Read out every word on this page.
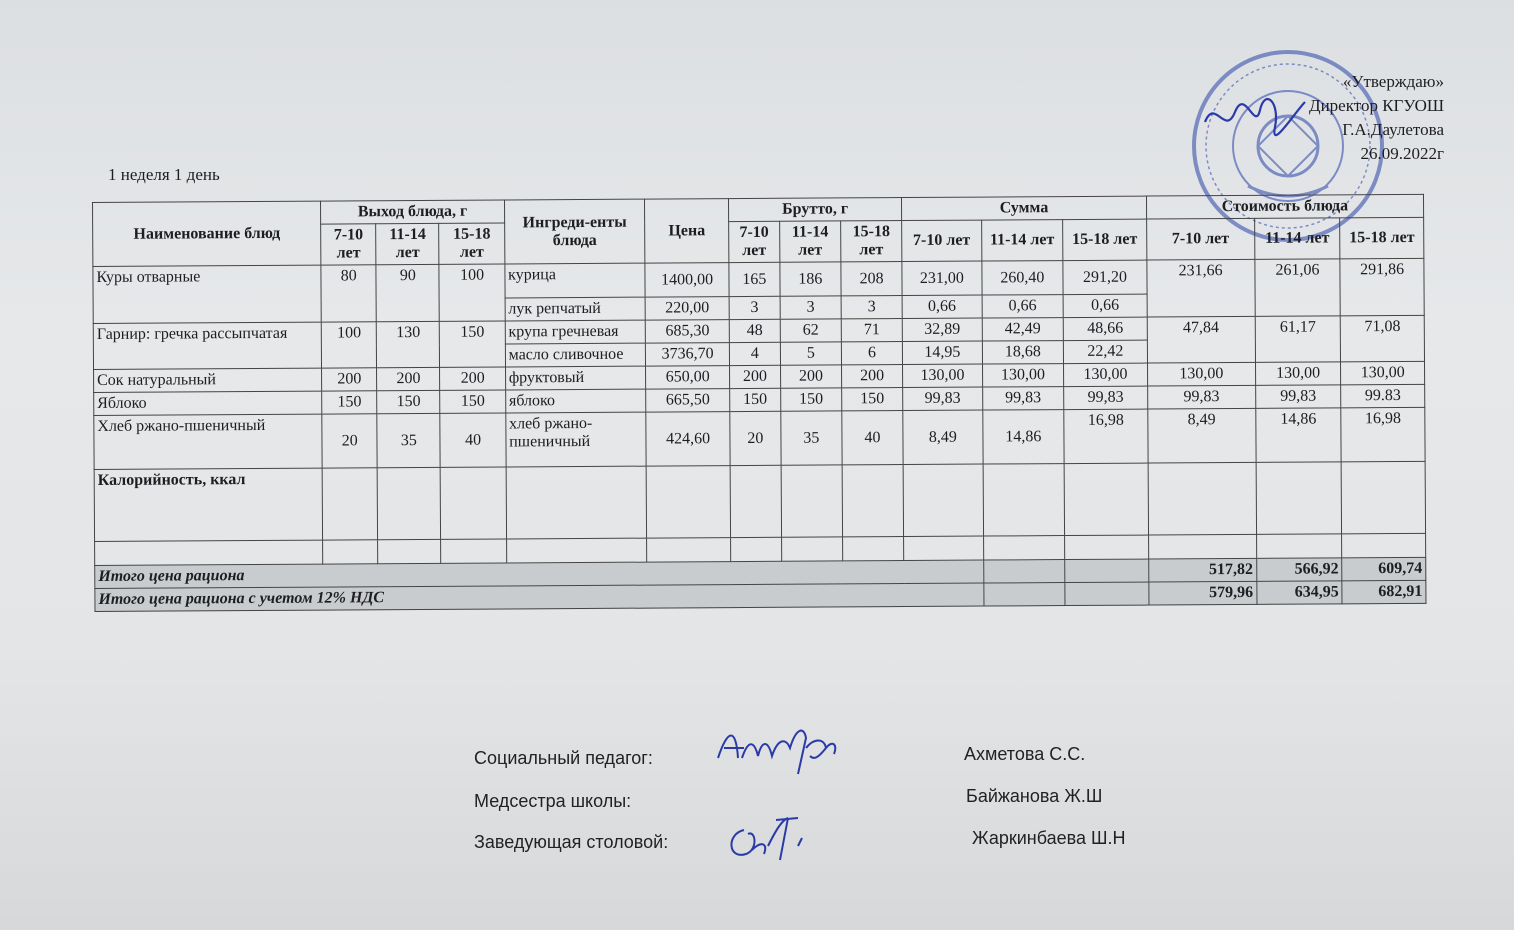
«Утверждаю»
Директор КГУОШ
Г.А.Даулетова
26.09.2022г
1 неделя 1 день
Наименование блюд	Выход блюда, г			Ингреди-енты блюда	Цена	Брутто, г			Сумма			Стоимость блюда		
	7-10 лет	11-14 лет	15-18 лет			7-10 лет	11-14 лет	15-18 лет	7-10 лет	11-14 лет	15-18 лет	7-10 лет	11-14 лет	15-18 лет
Куры отварные	80	90	100	курица	1400,00	165	186	208	231,00	260,40	291,20	231,66	261,06	291,86
				лук репчатый	220,00	3	3	3	0,66	0,66	0,66			
Гарнир: гречка рассыпчатая	100	130	150	крупа гречневая	685,30	48	62	71	32,89	42,49	48,66	47,84	61,17	71,08
				масло сливочное	3736,70	4	5	6	14,95	18,68	22,42			
Сок натуральный	200	200	200	фруктовый	650,00	200	200	200	130,00	130,00	130,00	130,00	130,00	130,00
Яблоко	150	150	150	яблоко	665,50	150	150	150	99,83	99,83	99,83	99,83	99,83	99.83
Хлеб ржано-пшеничный	20	35	40	хлеб ржано-пшеничный	424,60	20	35	40	8,49	14,86	16,98	8,49	14,86	16,98
Калорийность, ккал														

Итого цена рациона												517,82	566,92	609,74
Итого цена рациона с учетом 12% НДС												579,96	634,95	682,91
Социальный педагог:	Ахметова С.С.
Медсестра школы:	Байжанова Ж.Ш
Заведующая столовой:	Жаркинбаева Ш.Н
